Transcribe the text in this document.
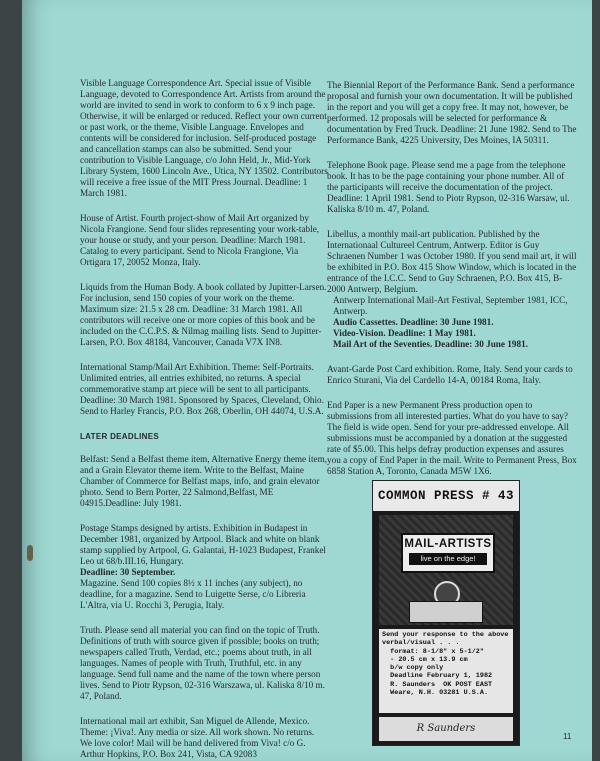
Visible Language Correspondence Art. Special issue of Visible Language, devoted to Correspondence Art. Artists from around the world are invited to send in work to conform to 6 x 9 inch page. Otherwise, it will be enlarged or reduced. Reflect your own current or past work, or the theme, Visible Language. Envelopes and contents will be considered for inclusion. Self-produced postage and cancellation stamps can also be submitted. Send your contribution to Visible Language, c/o John Held, Jr., Mid-York Library System, 1600 Lincoln Ave., Utica, NY 13502. Contributors will receive a free issue of the MIT Press Journal. Deadline: 1 March 1981.

House of Artist. Fourth project-show of Mail Art organized by Nicola Frangione. Send four slides representing your work-table, your house or study, and your person. Deadline: March 1981. Catalog to every participant. Send to Nicola Frangione, Via Ortigara 17, 20052 Monza, Italy.

Liquids from the Human Body. A book collated by Jupitter-Larsen. For inclusion, send 150 copies of your work on the theme. Maximum size: 21.5 x 28 cm. Deadline: 31 March 1981. All contributors will receive one or more copies of this book and be included on the C.C.P.S. & Nilmag mailing lists. Send to Jupitter-Larsen, P.O. Box 48184, Vancouver, Canada V7X IN8.

International Stamp/Mail Art Exhibition. Theme: Self-Portraits. Unlimited entries, all entries exhibited, no returns. A special commemorative stamp art piece will be sent to all participants. Deadline: 30 March 1981. Sponsored by Spaces, Cleveland, Ohio. Send to Harley Francis, P.O. Box 268, Oberlin, OH 44074, U.S.A.

LATER DEADLINES

Belfast: Send a Belfast theme item, Alternative Energy theme item, and a Grain Elevator theme item. Write to the Belfast, Maine Chamber of Commerce for Belfast maps, info, and grain elevator photo. Send to Bern Porter, 22 Salmond,Belfast, ME 04915.Deadline: July 1981.

Postage Stamps designed by artists. Exhibition in Budapest in December 1981, organized by Artpool. Black and white on blank stamp supplied by Artpool, G. Galantai, H-1023 Budapest, Frankel Leo ut 68/b.III.16, Hungary.
Deadline: 30 September.
Magazine. Send 100 copies 8½ x 11 inches (any subject), no deadline, for a magazine. Send to Luigette Serse, c/o Libreria L'Altra, via U. Rocchi 3, Perugia, Italy.

Truth. Please send all material you can find on the topic of Truth. Definitions of truth with source given if possible; books on truth; newspapers called Truth, Verdad, etc.; poems about truth, in all languages. Names of people with Truth, Truthful, etc. in any language. Send full name and the name of the town where person lives. Send to Piotr Rypson, 02-316 Warszawa, ul. Kaliska 8/10 m. 47, Poland.

International mail art exhibit, San Miguel de Allende, Mexico. Theme: ¡Viva!. Any media or size. All work shown. No returns. We love color! Mail will be hand delivered from Viva! c/o G. Arthur Hopkins, P.O. Box 241, Vista, CA 92083

The Biennial Report of the Performance Bank. Send a performance proposal and furnish your own documentation. It will be published in the report and you will get a copy free. It may not, however, be performed. 12 proposals will be selected for performance & documentation by Fred Truck. Deadline: 21 June 1982. Send to The Performance Bank, 4225 University, Des Moines, IA 50311.

Telephone Book page. Please send me a page from the telephone book. It has to be the page containing your phone number. All of the participants will receive the documentation of the project. Deadline: 1 April 1981. Send to Piotr Rypson, 02-316 Warsaw, ul. Kaliska 8/10 m. 47, Poland.

Libellus, a monthly mail-art publication. Published by the Internationaal Cultureel Centrum, Antwerp. Editor is Guy Schraenen Number 1 was October 1980. If you send mail art, it will be exhibited in P.O. Box 415 Show Window, which is located in the entrance of the I.C.C. Send to Guy Schraenen, P.O. Box 415, B-2000 Antwerp, Belgium.
Antwerp International Mail-Art Festival, September 1981, ICC, Antwerp.
Audio Cassettes. Deadline: 30 June 1981.
Video-Vision. Deadline: 1 May 1981.
Mail Art of the Seventies. Deadline: 30 June 1981.

Avant-Garde Post Card exhibition. Rome, Italy. Send your cards to Enrico Sturani, Via del Cardello 14-A, 00184 Roma, Italy.

End Paper is a new Permanent Press production open to submissions from all interested parties. What do you have to say? The field is wide open. Send for your pre-addressed envelope. All submissions must be accompanied by a donation at the suggested rate of $5.00. This helps defray production expenses and assures you a copy of End Paper in the mail. Write to Permanent Press, Box 6858 Station A, Toronto, Canada M5W 1X6.

COMMON PRESS # 43
MAIL-ARTISTS
live on the edge!
Send your response to the above
verbal/visual . . .
format: 8-1/8" x 5-1/2"
- 20.5 cm x 13.9 cm
b/w copy only
Deadline February 1, 1982
R. Saunders  OK POST EAST
Weare, N.H. 03281 U.S.A.
R Saunders
11
